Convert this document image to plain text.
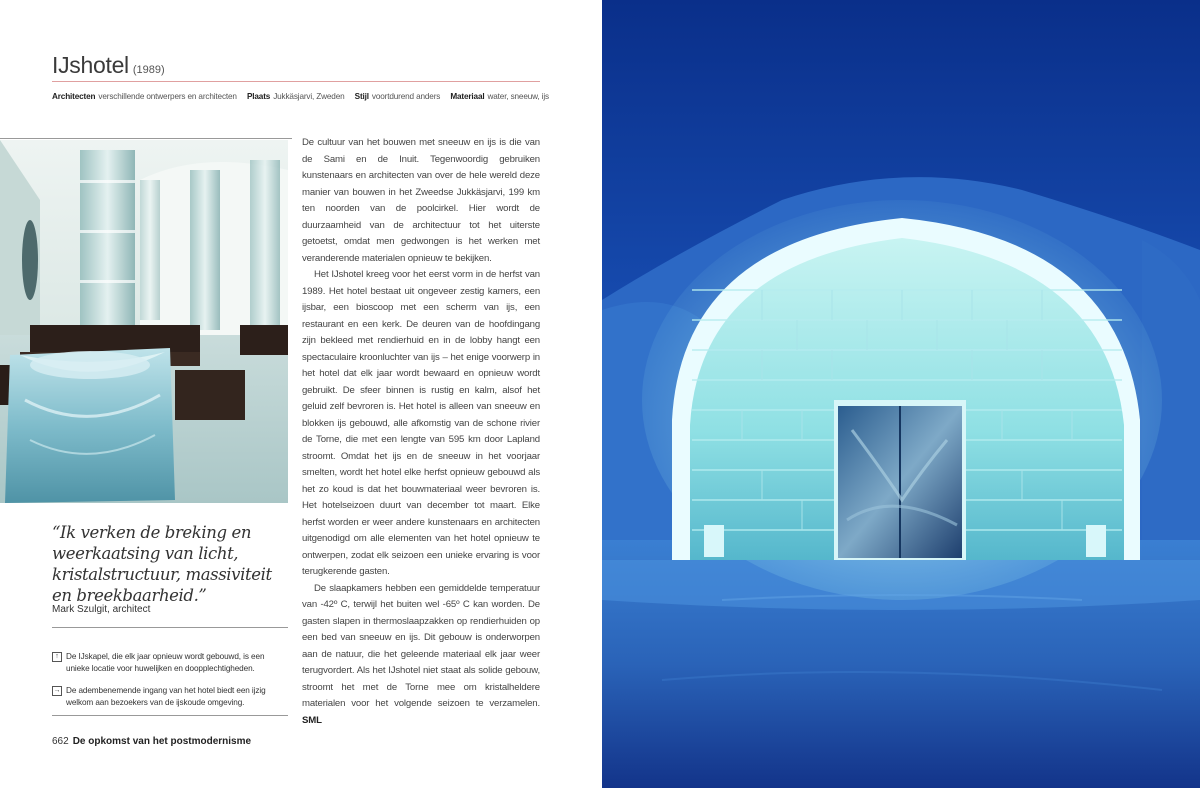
IJshotel (1989)
Architecten verschillende ontwerpers en architecten Plaats Jukkäsjarvi, Zweden Stijl voortdurend anders Materiaal water, sneeuw, ijs
“Ik verken de breking en weerkaatsing van licht, kristalstructuur, massiviteit en breekbaarheid.”
Mark Szulgit, architect
↑ De IJskapel, die elk jaar opnieuw wordt gebouwd, is een unieke locatie voor huwelijken en doopplechtigheden.
→ De adembenemende ingang van het hotel biedt een ijzig welkom aan bezoekers van de ijskoude omgeving.

De cultuur van het bouwen met sneeuw en ijs is die van de Sami en de Inuit. Tegenwoordig gebruiken kunstenaars en architecten van over de hele wereld deze manier van bouwen in het Zweedse Jukkäsjarvi, 199 km ten noorden van de poolcirkel. Hier wordt de duurzaamheid van de architectuur tot het uiterste getoetst, omdat men gedwongen is het werken met veranderende materialen opnieuw te bekijken.

Het IJshotel kreeg voor het eerst vorm in de herfst van 1989. Het hotel bestaat uit ongeveer zestig kamers, een ijsbar, een bioscoop met een scherm van ijs, een restaurant en een kerk. De deuren van de hoofdingang zijn bekleed met rendierhuid en in de lobby hangt een spectaculaire kroonluchter van ijs – het enige voorwerp in het hotel dat elk jaar wordt bewaard en opnieuw wordt gebruikt. De sfeer binnen is rustig en kalm, alsof het geluid zelf bevroren is. Het hotel is alleen van sneeuw en blokken ijs gebouwd, alle afkomstig van de schone rivier de Torne, die met een lengte van 595 km door Lapland stroomt. Omdat het ijs en de sneeuw in het voorjaar smelten, wordt het hotel elke herfst opnieuw gebouwd als het zo koud is dat het bouwmateriaal weer bevroren is. Het hotelseizoen duurt van december tot maart. Elke herfst worden er weer andere kunstenaars en architecten uitgenodigd om alle elementen van het hotel opnieuw te ontwerpen, zodat elk seizoen een unieke ervaring is voor terugkerende gasten.

De slaapkamers hebben een gemiddelde temperatuur van -42º C, terwijl het buiten wel -65º C kan worden. De gasten slapen in thermoslaapzakken op rendierhuiden op een bed van sneeuw en ijs. Dit gebouw is onderworpen aan de natuur, die het geleende materiaal elk jaar weer terugvordert. Als het IJshotel niet staat als solide gebouw, stroomt het met de Torne mee om kristalheldere materialen voor het volgende seizoen te verzamelen. SML

662 De opkomst van het postmodernisme
